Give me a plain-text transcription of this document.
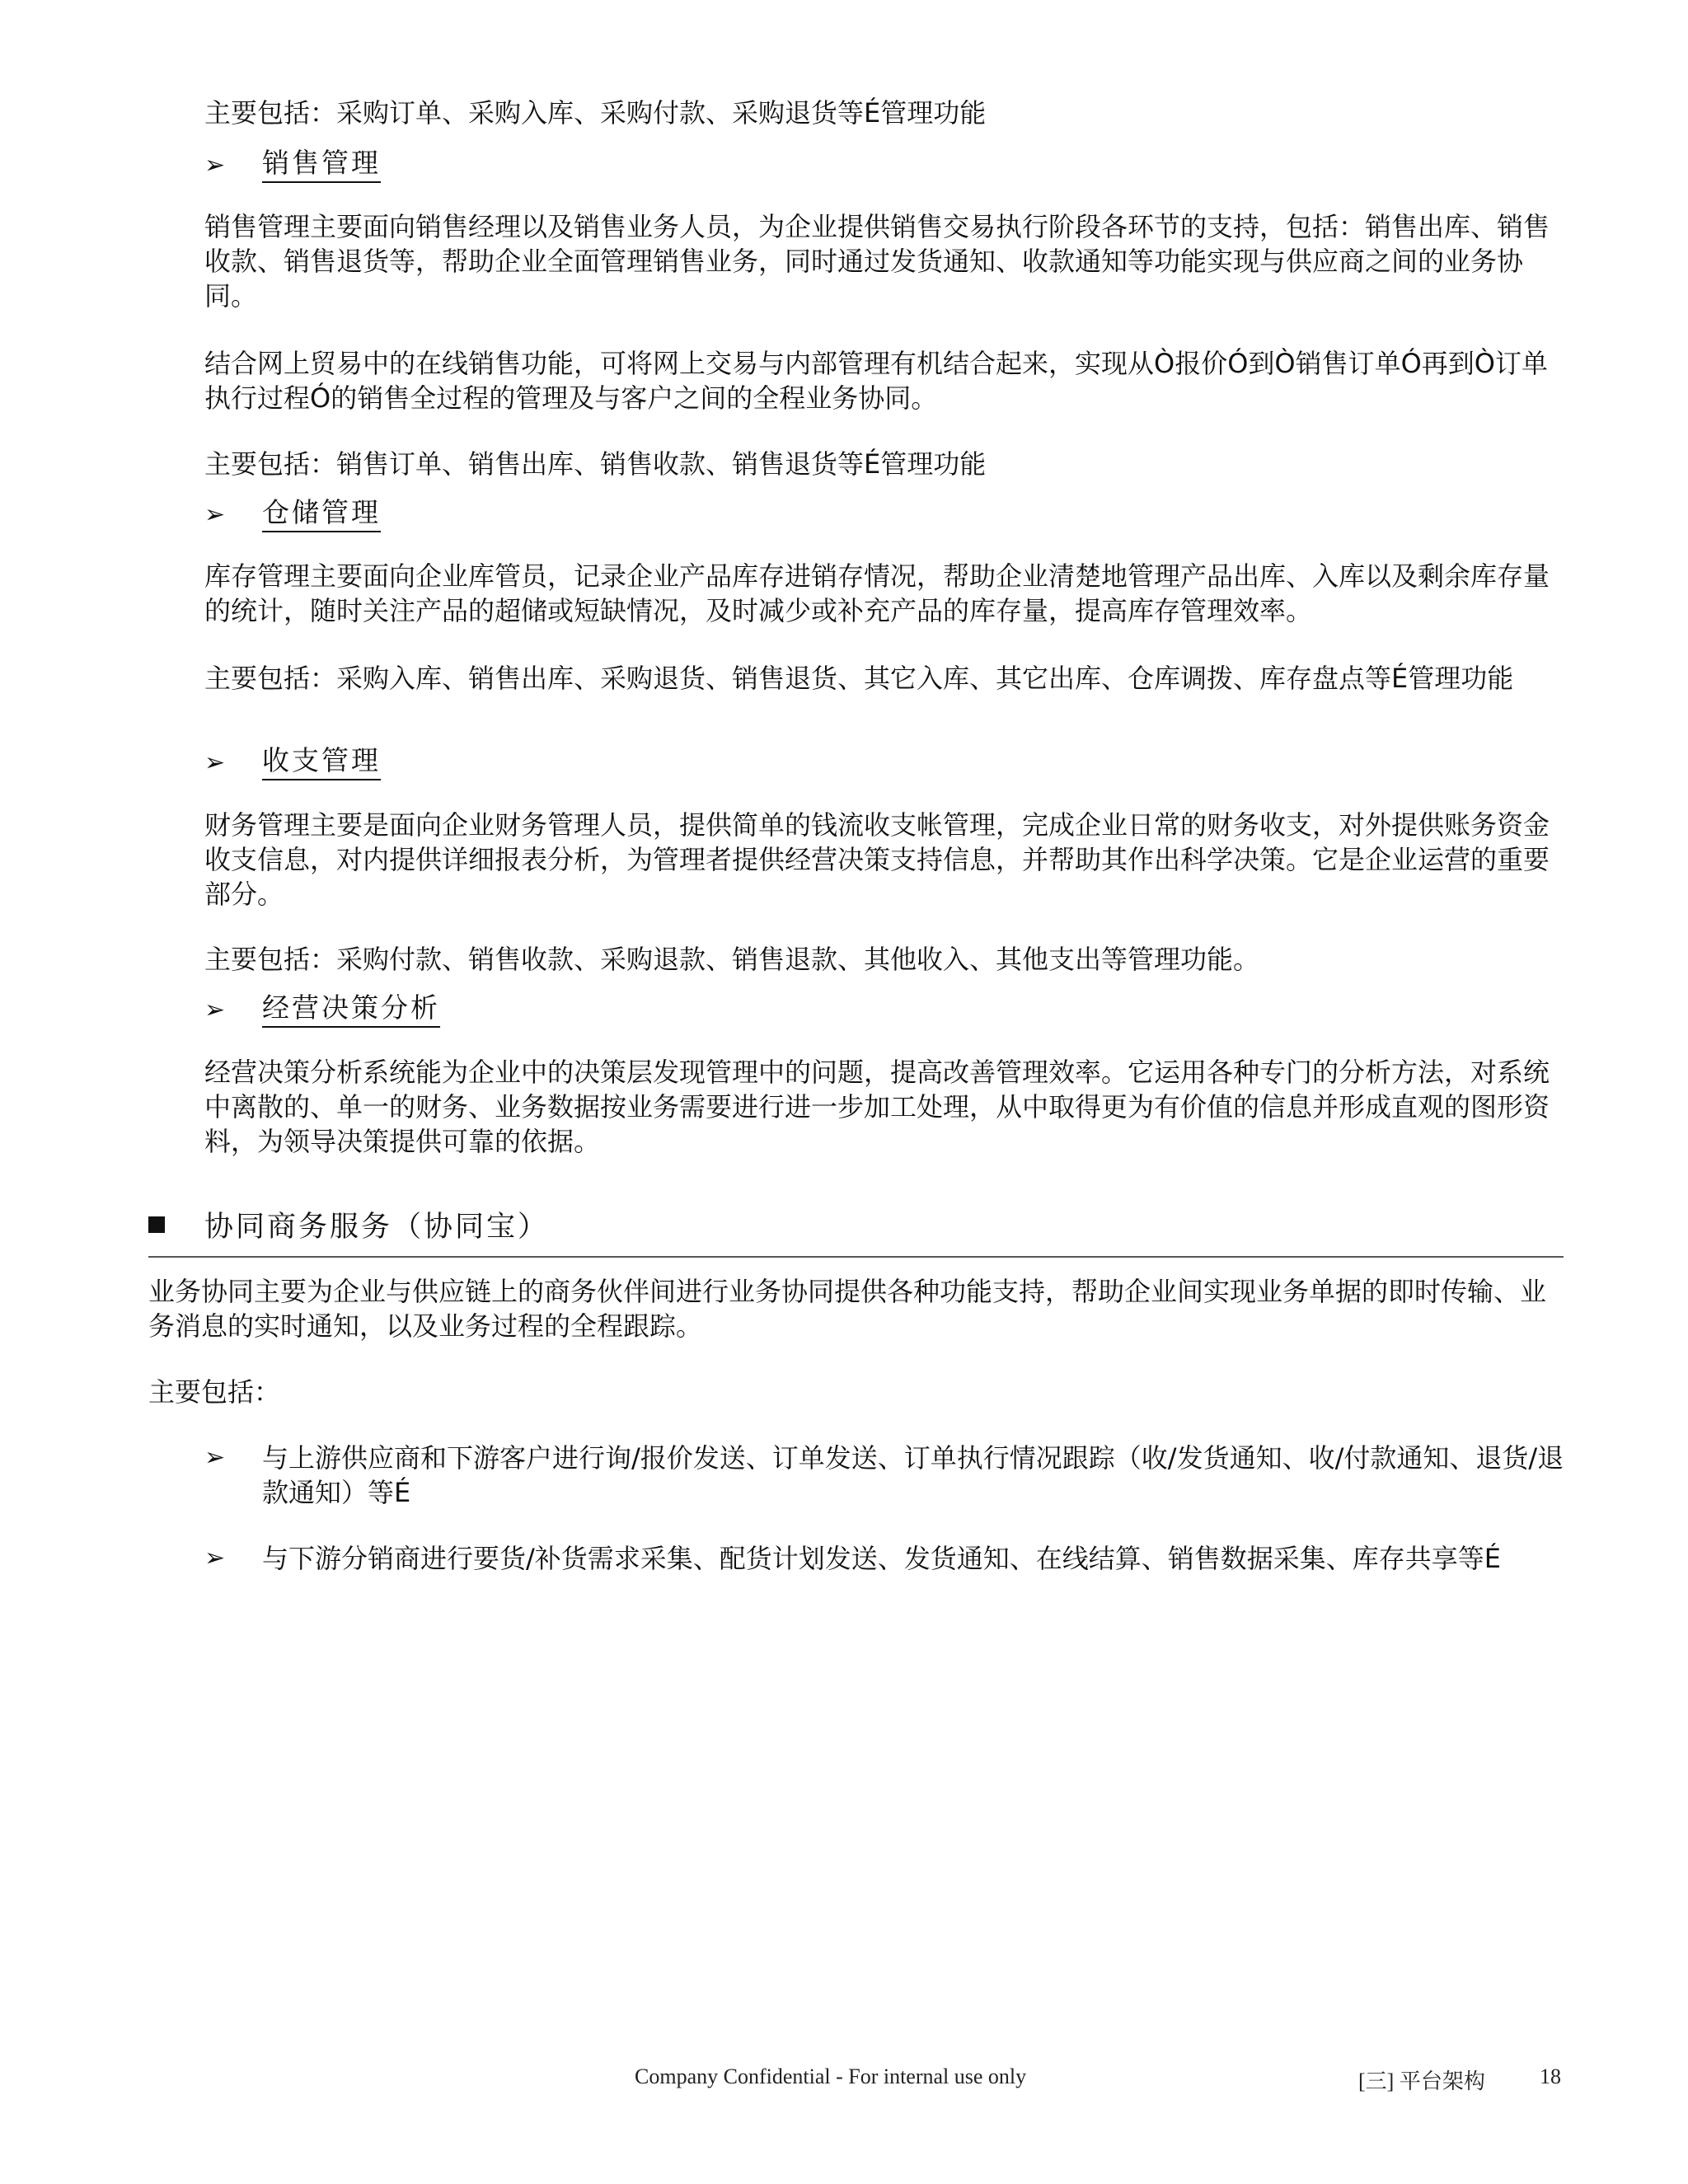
主要包括：采购订单、采购入库、采购付款、采购退货等É管理功能

➢	销售管理

销售管理主要面向销售经理以及销售业务人员，为企业提供销售交易执行阶段各环节的支持，包括：销售出库、销售收款、销售退货等，帮助企业全面管理销售业务，同时通过发货通知、收款通知等功能实现与供应商之间的业务协同。

结合网上贸易中的在线销售功能，可将网上交易与内部管理有机结合起来，实现从Ò报价Ó到Ò销售订单Ó再到Ò订单执行过程Ó的销售全过程的管理及与客户之间的全程业务协同。

主要包括：销售订单、销售出库、销售收款、销售退货等É管理功能

➢	仓储管理

库存管理主要面向企业库管员，记录企业产品库存进销存情况，帮助企业清楚地管理产品出库、入库以及剩余库存量的统计，随时关注产品的超储或短缺情况，及时减少或补充产品的库存量，提高库存管理效率。

主要包括：采购入库、销售出库、采购退货、销售退货、其它入库、其它出库、仓库调拨、库存盘点等É管理功能

➢	收支管理

财务管理主要是面向企业财务管理人员，提供简单的钱流收支帐管理，完成企业日常的财务收支，对外提供账务资金收支信息，对内提供详细报表分析，为管理者提供经营决策支持信息，并帮助其作出科学决策。它是企业运营的重要部分。

主要包括：采购付款、销售收款、采购退款、销售退款、其他收入、其他支出等管理功能。

➢	经营决策分析

经营决策分析系统能为企业中的决策层发现管理中的问题，提高改善管理效率。它运用各种专门的分析方法，对系统中离散的、单一的财务、业务数据按业务需要进行进一步加工处理，从中取得更为有价值的信息并形成直观的图形资料，为领导决策提供可靠的依据。

协同商务服务（协同宝）

业务协同主要为企业与供应链上的商务伙伴间进行业务协同提供各种功能支持，帮助企业间实现业务单据的即时传输、业务消息的实时通知，以及业务过程的全程跟踪。

主要包括：

➢	与上游供应商和下游客户进行询/报价发送、订单发送、订单执行情况跟踪（收/发货通知、收/付款通知、退货/退款通知）等É
➢	与下游分销商进行要货/补货需求采集、配货计划发送、发货通知、在线结算、销售数据采集、库存共享等É
Company Confidential - For internal use only	[三] 平台架构	18
